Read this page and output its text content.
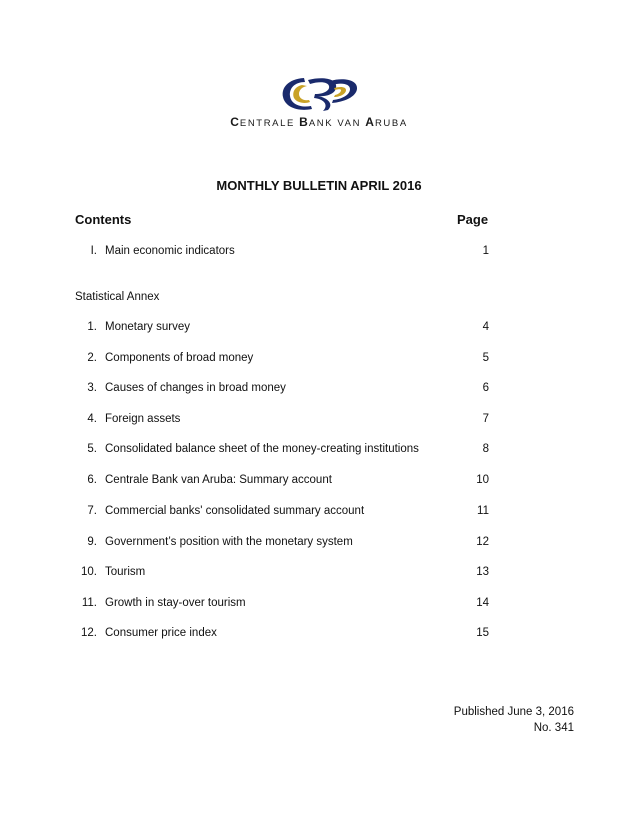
CENTRALE BANK VAN ARUBA
MONTHLY BULLETIN APRIL 2016
Contents	Page
I. Main economic indicators	1
Statistical Annex
1. Monetary survey	4
2. Components of broad money	5
3. Causes of changes in broad money	6
4. Foreign assets	7
5. Consolidated balance sheet of the money-creating institutions	8
6. Centrale Bank van Aruba: Summary account	10
7. Commercial banks' consolidated summary account	11
9. Government’s position with the monetary system	12
10. Tourism	13
11. Growth in stay-over tourism	14
12. Consumer price index	15
Published June 3, 2016
No. 341
